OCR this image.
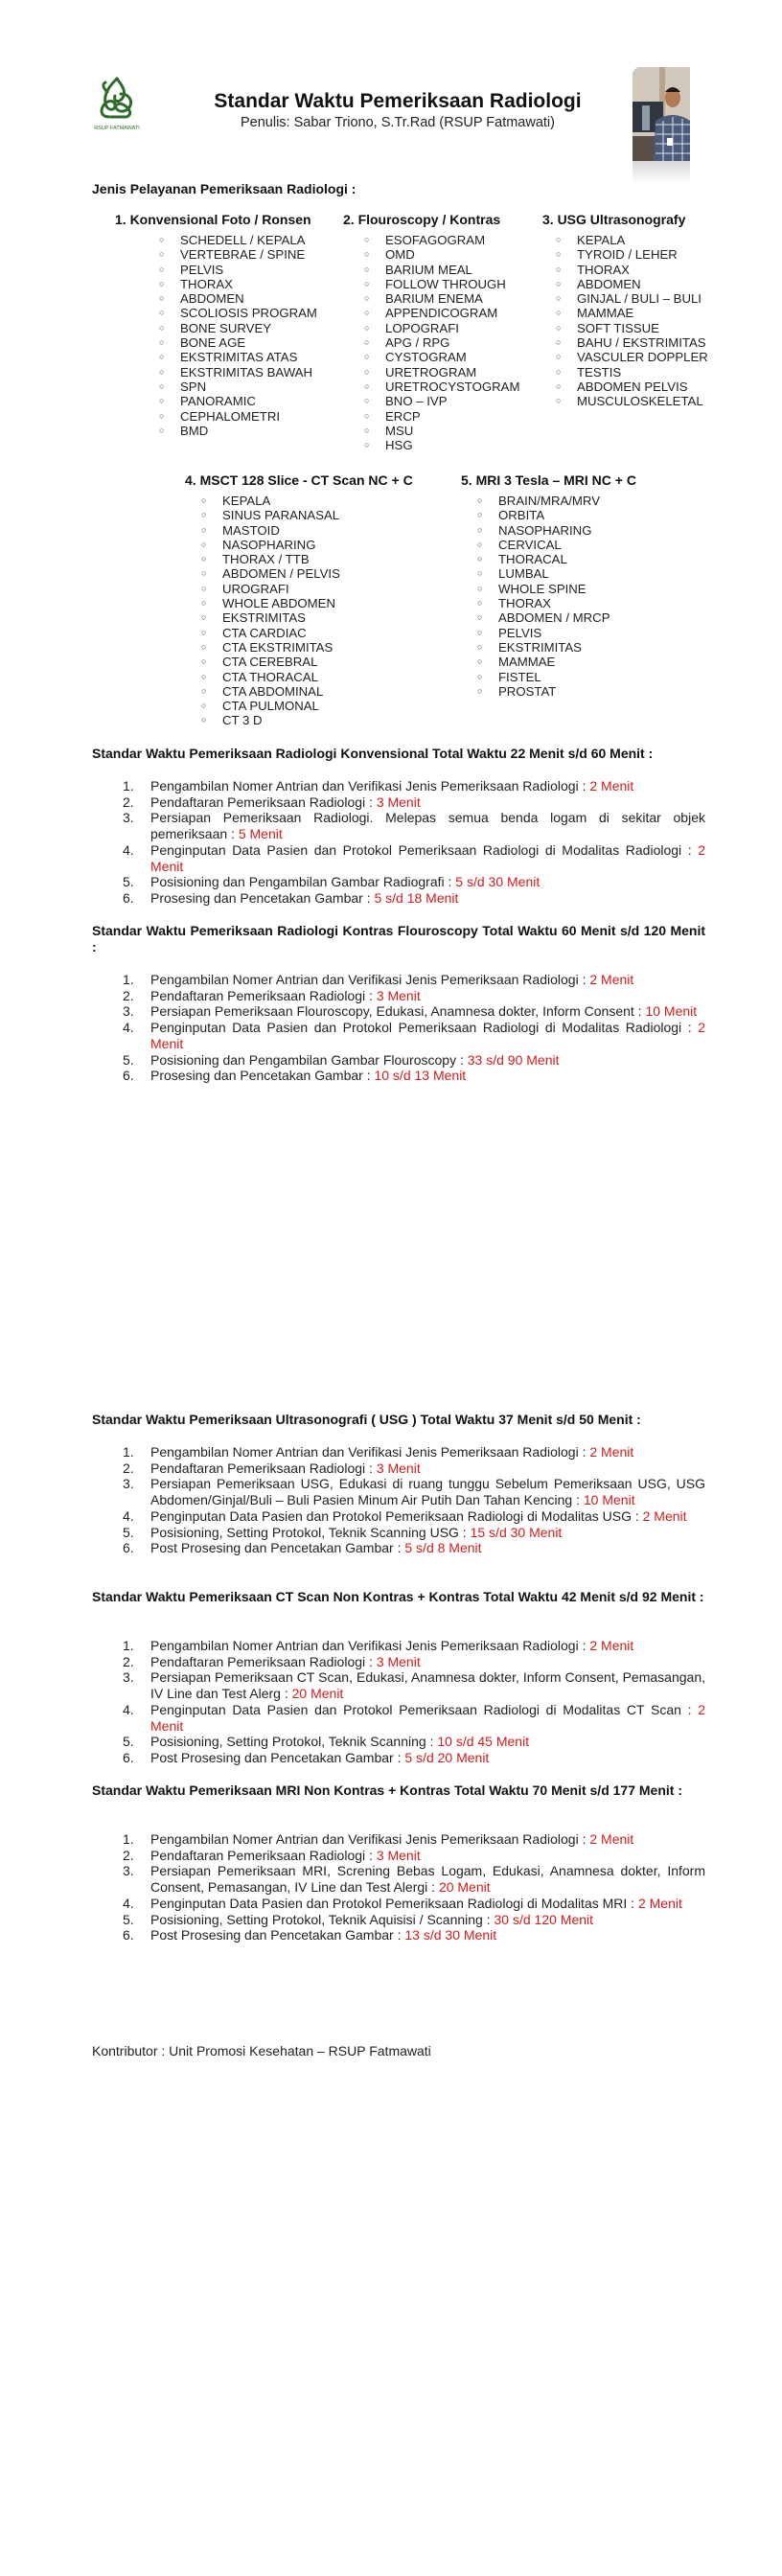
RSUP FATMAWATI
Standar Waktu Pemeriksaan Radiologi
Penulis: Sabar Triono, S.Tr.Rad (RSUP Fatmawati)
Jenis Pelayanan Pemeriksaan Radiologi :
1. Konvensional Foto / Ronsen
○ SCHEDELL / KEPALA
○ VERTEBRAE / SPINE
○ PELVIS
○ THORAX
○ ABDOMEN
○ SCOLIOSIS PROGRAM
○ BONE SURVEY
○ BONE AGE
○ EKSTRIMITAS ATAS
○ EKSTRIMITAS BAWAH
○ SPN
○ PANORAMIC
○ CEPHALOMETRI
○ BMD
2. Flouroscopy / Kontras
○ ESOFAGOGRAM
○ OMD
○ BARIUM MEAL
○ FOLLOW THROUGH
○ BARIUM ENEMA
○ APPENDICOGRAM
○ LOPOGRAFI
○ APG / RPG
○ CYSTOGRAM
○ URETROGRAM
○ URETROCYSTOGRAM
○ BNO – IVP
○ ERCP
○ MSU
○ HSG
3. USG Ultrasonografy
○ KEPALA
○ TYROID / LEHER
○ THORAX
○ ABDOMEN
○ GINJAL / BULI – BULI
○ MAMMAE
○ SOFT TISSUE
○ BAHU / EKSTRIMITAS
○ VASCULER DOPPLER
○ TESTIS
○ ABDOMEN PELVIS
○ MUSCULOSKELETAL
4. MSCT 128 Slice - CT Scan NC + C
○ KEPALA
○ SINUS PARANASAL
○ MASTOID
○ NASOPHARING
○ THORAX / TTB
○ ABDOMEN / PELVIS
○ UROGRAFI
○ WHOLE ABDOMEN
○ EKSTRIMITAS
○ CTA CARDIAC
○ CTA EKSTRIMITAS
○ CTA CEREBRAL
○ CTA THORACAL
○ CTA ABDOMINAL
○ CTA PULMONAL
○ CT 3 D
5. MRI 3 Tesla – MRI NC + C
○ BRAIN/MRA/MRV
○ ORBITA
○ NASOPHARING
○ CERVICAL
○ THORACAL
○ LUMBAL
○ WHOLE SPINE
○ THORAX
○ ABDOMEN / MRCP
○ PELVIS
○ EKSTRIMITAS
○ MAMMAE
○ FISTEL
○ PROSTAT
Standar Waktu Pemeriksaan Radiologi Konvensional Total Waktu 22 Menit s/d 60 Menit :
1. Pengambilan Nomer Antrian dan Verifikasi Jenis Pemeriksaan Radiologi : 2 Menit
2. Pendaftaran Pemeriksaan Radiologi : 3 Menit
3. Persiapan Pemeriksaan Radiologi. Melepas semua benda logam di sekitar objek pemeriksaan : 5 Menit
4. Penginputan Data Pasien dan Protokol Pemeriksaan Radiologi di Modalitas Radiologi : 2 Menit
5. Posisioning dan Pengambilan Gambar Radiografi : 5 s/d 30 Menit
6. Prosesing dan Pencetakan Gambar : 5 s/d 18 Menit
Standar Waktu Pemeriksaan Radiologi Kontras Flouroscopy Total Waktu 60 Menit s/d 120 Menit :
1. Pengambilan Nomer Antrian dan Verifikasi Jenis Pemeriksaan Radiologi : 2 Menit
2. Pendaftaran Pemeriksaan Radiologi : 3 Menit
3. Persiapan Pemeriksaan Flouroscopy, Edukasi, Anamnesa dokter, Inform Consent : 10 Menit
4. Penginputan Data Pasien dan Protokol Pemeriksaan Radiologi di Modalitas Radiologi : 2 Menit
5. Posisioning dan Pengambilan Gambar Flouroscopy : 33 s/d 90 Menit
6. Prosesing dan Pencetakan Gambar : 10 s/d 13 Menit
Standar Waktu Pemeriksaan Ultrasonografi ( USG ) Total Waktu 37 Menit s/d 50 Menit :
1. Pengambilan Nomer Antrian dan Verifikasi Jenis Pemeriksaan Radiologi : 2 Menit
2. Pendaftaran Pemeriksaan Radiologi : 3 Menit
3. Persiapan Pemeriksaan USG, Edukasi di ruang tunggu Sebelum Pemeriksaan USG, USG Abdomen/Ginjal/Buli – Buli Pasien Minum Air Putih Dan Tahan Kencing : 10 Menit
4. Penginputan Data Pasien dan Protokol Pemeriksaan Radiologi di Modalitas USG : 2 Menit
5. Posisioning, Setting Protokol, Teknik Scanning USG : 15 s/d 30 Menit
6. Post Prosesing dan Pencetakan Gambar : 5 s/d 8 Menit
Standar Waktu Pemeriksaan CT Scan Non Kontras + Kontras Total Waktu 42 Menit s/d 92 Menit :
1. Pengambilan Nomer Antrian dan Verifikasi Jenis Pemeriksaan Radiologi : 2 Menit
2. Pendaftaran Pemeriksaan Radiologi : 3 Menit
3. Persiapan Pemeriksaan CT Scan, Edukasi, Anamnesa dokter, Inform Consent, Pemasangan, IV Line dan Test Alerg : 20 Menit
4. Penginputan Data Pasien dan Protokol Pemeriksaan Radiologi di Modalitas CT Scan : 2 Menit
5. Posisioning, Setting Protokol, Teknik Scanning : 10 s/d 45 Menit
6. Post Prosesing dan Pencetakan Gambar : 5 s/d 20 Menit
Standar Waktu Pemeriksaan MRI Non Kontras + Kontras Total Waktu 70 Menit s/d 177 Menit :
1. Pengambilan Nomer Antrian dan Verifikasi Jenis Pemeriksaan Radiologi : 2 Menit
2. Pendaftaran Pemeriksaan Radiologi : 3 Menit
3. Persiapan Pemeriksaan MRI, Screning Bebas Logam, Edukasi, Anamnesa dokter, Inform Consent, Pemasangan, IV Line dan Test Alergi : 20 Menit
4. Penginputan Data Pasien dan Protokol Pemeriksaan Radiologi di Modalitas MRI : 2 Menit
5. Posisioning, Setting Protokol, Teknik Aquisisi / Scanning : 30 s/d 120 Menit
6. Post Prosesing dan Pencetakan Gambar : 13 s/d 30 Menit
Kontributor : Unit Promosi Kesehatan – RSUP Fatmawati
